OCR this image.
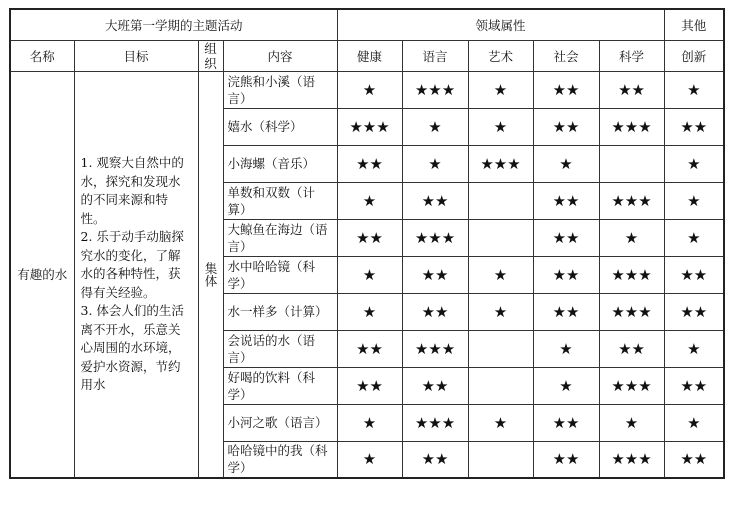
大班第一学期的主题活动				领域属性					其他
名称	目标	组织	内容	健康	语言	艺术	社会	科学	创新
有趣的水	1. 观察大自然中的水，探究和发现水的不同来源和特性。
2. 乐于动手动脑探究水的变化，了解水的各种特性，获得有关经验。
3. 体会人们的生活离不开水，乐意关心周围的水环境，爱护水资源，节约用水	集体	浣熊和小溪（语言）	★	★★★	★	★★	★★	★
			嬉水（科学）	★★★	★	★	★★	★★★	★★
			小海螺（音乐）	★★	★	★★★	★		★
			单数和双数（计算）	★	★★		★★	★★★	★
			大鲸鱼在海边（语言）	★★	★★★		★★	★	★
			水中哈哈镜（科学）	★	★★	★	★★	★★★	★★
			水一样多（计算）	★	★★	★	★★	★★★	★★
			会说话的水（语言）	★★	★★★		★	★★	★
			好喝的饮料（科学）	★★	★★		★	★★★	★★
			小河之歌（语言）	★	★★★	★	★★	★	★
			哈哈镜中的我（科学）	★	★★		★★	★★★	★★
